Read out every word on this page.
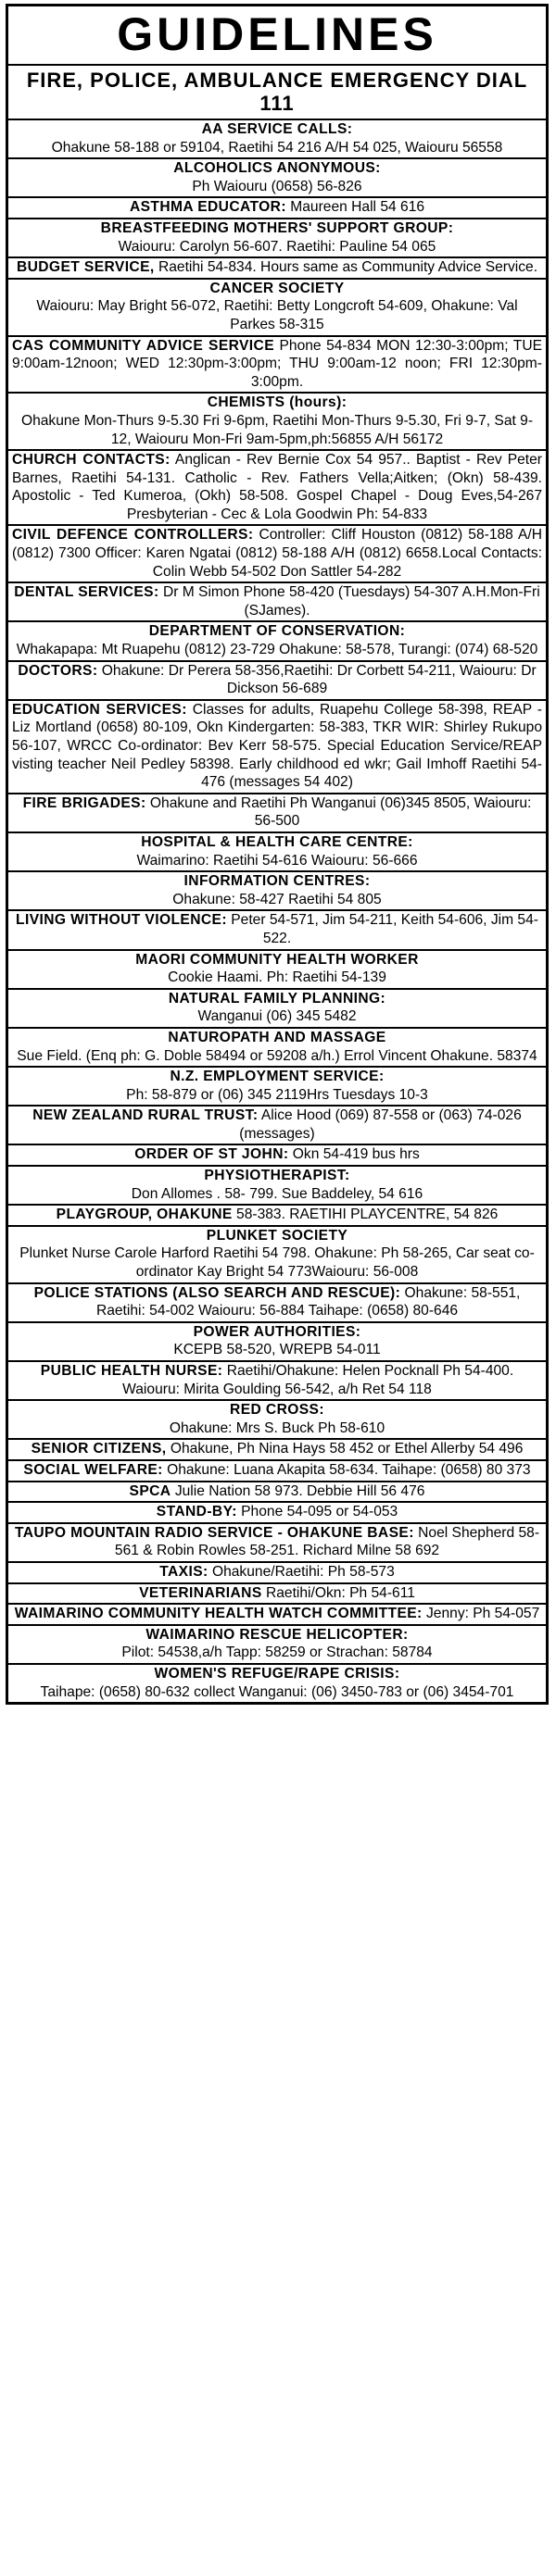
GUIDELINES
FIRE, POLICE, AMBULANCE EMERGENCY DIAL 111
AA SERVICE CALLS:
Ohakune 58-188 or 59104, Raetihi 54 216 A/H 54 025, Waiouru 56558
ALCOHOLICS ANONYMOUS:
Ph Waiouru (0658) 56-826
ASTHMA EDUCATOR: Maureen Hall 54 616
BREASTFEEDING MOTHERS' SUPPORT GROUP:
Waiouru: Carolyn 56-607. Raetihi: Pauline 54 065
BUDGET SERVICE, Raetihi 54-834. Hours same as Community Advice Service.
CANCER SOCIETY
Waiouru: May Bright 56-072, Raetihi: Betty Longcroft 54-609, Ohakune: Val Parkes 58-315
CAS COMMUNITY ADVICE SERVICE Phone 54-834 MON 12:30-3:00pm; TUE 9:00am-12noon; WED 12:30pm-3:00pm; THU 9:00am-12 noon; FRI 12:30pm-3:00pm.
CHEMISTS (hours):
Ohakune Mon-Thurs 9-5.30 Fri 9-6pm, Raetihi Mon-Thurs 9-5.30, Fri 9-7, Sat 9-12, Waiouru Mon-Fri 9am-5pm,ph:56855 A/H 56172
CHURCH CONTACTS: Anglican - Rev Bernie Cox 54 957.. Baptist - Rev Peter Barnes, Raetihi 54-131. Catholic - Rev. Fathers Vella;Aitken; (Okn) 58-439. Apostolic - Ted Kumeroa, (Okh) 58-508. Gospel Chapel - Doug Eves,54-267 Presbyterian - Cec & Lola Goodwin Ph: 54-833
CIVIL DEFENCE CONTROLLERS: Controller: Cliff Houston (0812) 58-188 A/H (0812) 7300 Officer: Karen Ngatai (0812) 58-188 A/H (0812) 6658.Local Contacts: Colin Webb 54-502 Don Sattler 54-282
DENTAL SERVICES: Dr M Simon Phone 58-420 (Tuesdays) 54-307 A.H.Mon-Fri (SJames).
DEPARTMENT OF CONSERVATION:
Whakapapa: Mt Ruapehu (0812) 23-729 Ohakune: 58-578, Turangi: (074) 68-520
DOCTORS: Ohakune: Dr Perera 58-356,Raetihi: Dr Corbett 54-211, Waiouru: Dr Dickson 56-689
EDUCATION SERVICES: Classes for adults, Ruapehu College 58-398, REAP - Liz Mortland (0658) 80-109, Okn Kindergarten: 58-383, TKR WIR: Shirley Rukupo 56-107, WRCC Co-ordinator: Bev Kerr 58-575. Special Education Service/REAP visting teacher Neil Pedley 58398. Early childhood ed wkr; Gail Imhoff Raetihi 54-476 (messages 54 402)
FIRE BRIGADES: Ohakune and Raetihi Ph Wanganui (06)345 8505, Waiouru: 56-500
HOSPITAL & HEALTH CARE CENTRE:
Waimarino: Raetihi 54-616 Waiouru: 56-666
INFORMATION CENTRES:
Ohakune: 58-427 Raetihi 54 805
LIVING WITHOUT VIOLENCE: Peter 54-571, Jim 54-211, Keith 54-606, Jim 54-522.
MAORI COMMUNITY HEALTH WORKER
Cookie Haami. Ph: Raetihi 54-139
NATURAL FAMILY PLANNING:
Wanganui (06) 345 5482
NATUROPATH AND MASSAGE
Sue Field. (Enq ph: G. Doble 58494 or 59208 a/h.) Errol Vincent Ohakune. 58374
N.Z. EMPLOYMENT SERVICE:
Ph: 58-879 or (06) 345 2119Hrs Tuesdays 10-3
NEW ZEALAND RURAL TRUST: Alice Hood (069) 87-558 or (063) 74-026 (messages)
ORDER OF ST JOHN: Okn 54-419 bus hrs
PHYSIOTHERAPIST:
Don Allomes . 58- 799. Sue Baddeley, 54 616
PLAYGROUP, OHAKUNE 58-383. RAETIHI PLAYCENTRE, 54 826
PLUNKET SOCIETY
Plunket Nurse Carole Harford Raetihi 54 798. Ohakune: Ph 58-265, Car seat co-ordinator Kay Bright 54 773Waiouru: 56-008
POLICE STATIONS (ALSO SEARCH AND RESCUE): Ohakune: 58-551, Raetihi: 54-002 Waiouru: 56-884 Taihape: (0658) 80-646
POWER AUTHORITIES:
KCEPB 58-520, WREPB 54-011
PUBLIC HEALTH NURSE: Raetihi/Ohakune: Helen Pocknall Ph 54-400. Waiouru: Mirita Goulding 56-542, a/h Ret 54 118
RED CROSS:
Ohakune: Mrs S. Buck Ph 58-610
SENIOR CITIZENS, Ohakune, Ph Nina Hays 58 452 or Ethel Allerby 54 496
SOCIAL WELFARE: Ohakune: Luana Akapita 58-634. Taihape: (0658) 80 373
SPCA Julie Nation 58 973. Debbie Hill 56 476
STAND-BY: Phone 54-095 or 54-053
TAUPO MOUNTAIN RADIO SERVICE - OHAKUNE BASE: Noel Shepherd 58-561 & Robin Rowles 58-251. Richard Milne 58 692
TAXIS: Ohakune/Raetihi: Ph 58-573
VETERINARIANS Raetihi/Okn: Ph 54-611
WAIMARINO COMMUNITY HEALTH WATCH COMMITTEE: Jenny: Ph 54-057
WAIMARINO RESCUE HELICOPTER:
Pilot: 54538,a/h Tapp: 58259 or Strachan: 58784
WOMEN'S REFUGE/RAPE CRISIS:
Taihape: (0658) 80-632 collect Wanganui: (06) 3450-783 or (06) 3454-701
